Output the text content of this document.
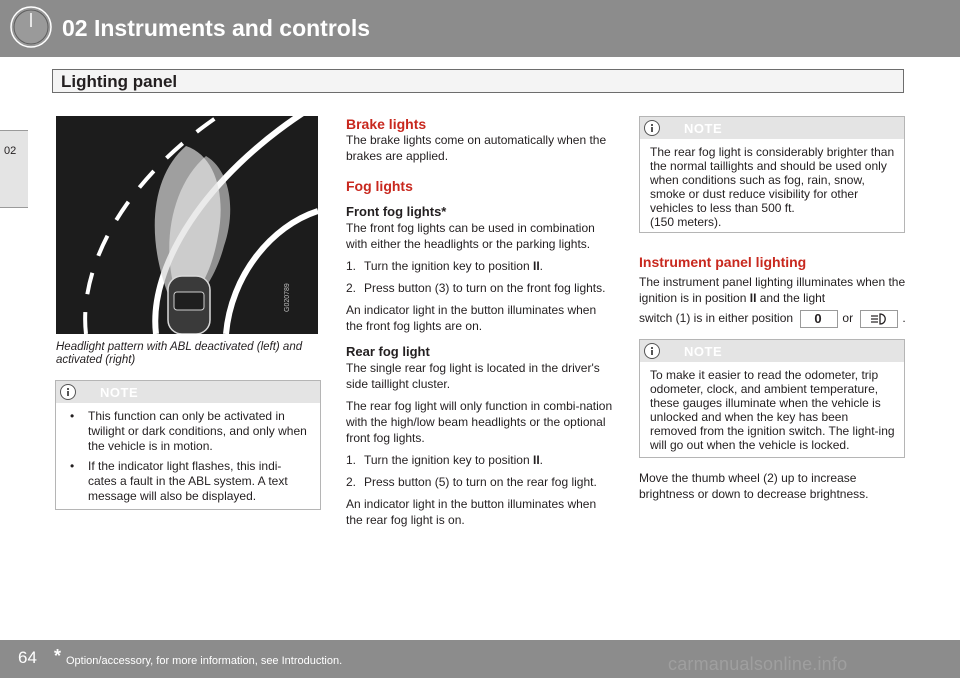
02 Instruments and controls
Lighting panel
02
G020789
Headlight pattern with ABL deactivated (left) and activated (right)
NOTE
• This function can only be activated in twilight or dark conditions, and only when the vehicle is in motion.
• If the indicator light flashes, this indi-cates a fault in the ABL system. A text message will also be displayed.
Brake lights

The brake lights come on automatically when the brakes are applied.

Fog lights
Front fog lights*

The front fog lights can be used in combination with either the headlights or the parking lights.

1. Turn the ignition key to position II.
2. Press button (3) to turn on the front fog lights.

An indicator light in the button illuminates when the front fog lights are on.

Rear fog light

The single rear fog light is located in the driver's side taillight cluster.

The rear fog light will only function in combi-nation with the high/low beam headlights or the optional front fog lights.

1. Turn the ignition key to position II.
2. Press button (5) to turn on the rear fog light.

An indicator light in the button illuminates when the rear fog light is on.

NOTE
The rear fog light is considerably brighter than the normal taillights and should be used only when conditions such as fog, rain, snow, smoke or dust reduce visibility for other vehicles to less than 500 ft.
(150 meters).
Instrument panel lighting

The instrument panel lighting illuminates when the ignition is in position II and the light

switch (1) is in either position 0 or	.

NOTE
To make it easier to read the odometer, trip odometer, clock, and ambient temperature, these gauges illuminate when the vehicle is unlocked and when the key has been removed from the ignition switch. The light-ing will go out when the vehicle is locked.
Move the thumb wheel (2) up to increase brightness or down to decrease brightness.
64 * Option/accessory, for more information, see Introduction.	carmanualsonline.info
